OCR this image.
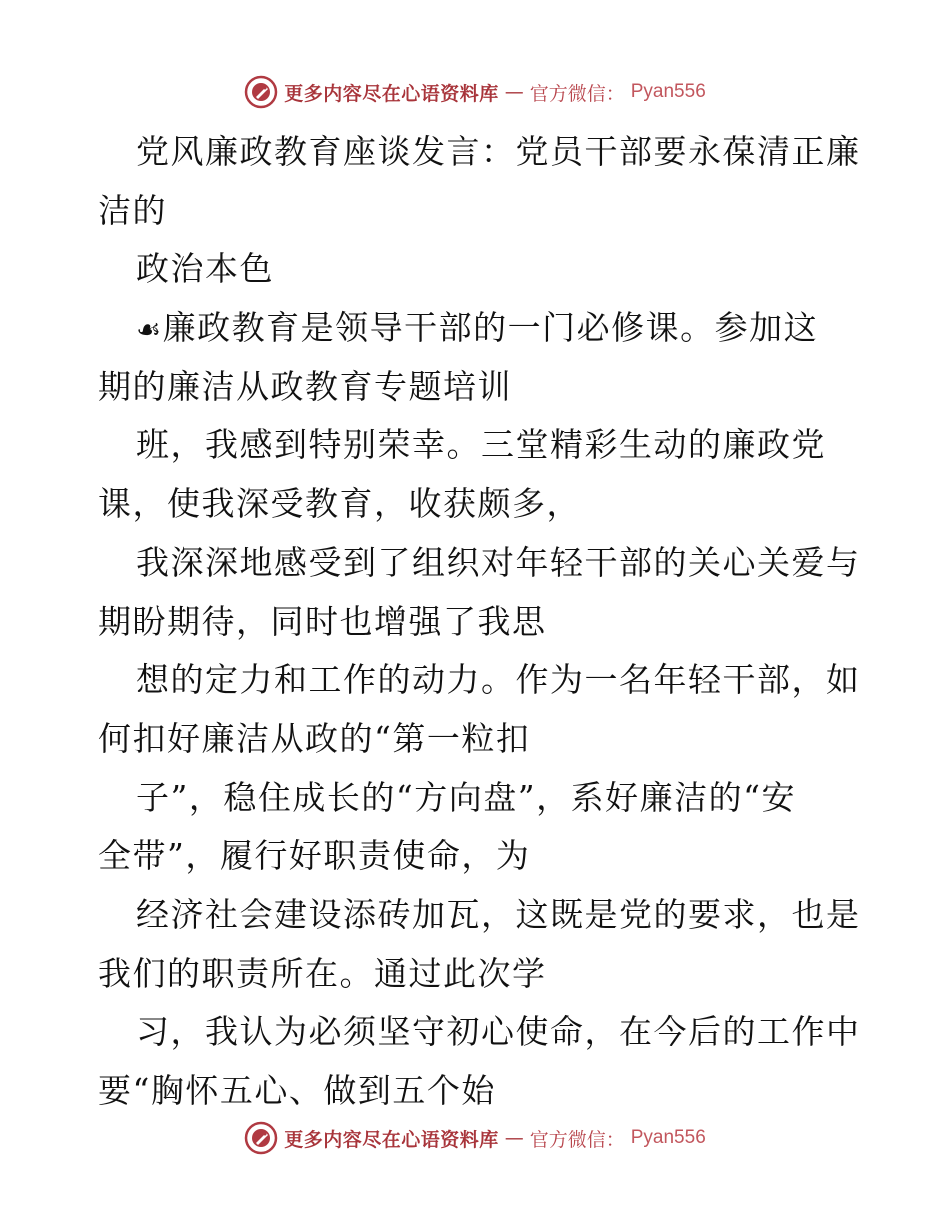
更多内容尽在心语资料库 — 官方微信： Pyan556
党风廉政教育座谈发言：党员干部要永葆清正廉
洁的
政治本色
☙廉政教育是领导干部的一门必修课。参加这
期的廉洁从政教育专题培训
班，我感到特别荣幸。三堂精彩生动的廉政党
课，使我深受教育，收获颇多，
我深深地感受到了组织对年轻干部的关心关爱与
期盼期待，同时也增强了我思
想的定力和工作的动力。作为一名年轻干部，如
何扣好廉洁从政的“第一粒扣
子”，稳住成长的“方向盘”，系好廉洁的“安
全带”，履行好职责使命，为
经济社会建设添砖加瓦，这既是党的要求，也是
我们的职责所在。通过此次学
习，我认为必须坚守初心使命，在今后的工作中
要“胸怀五心、做到五个始
更多内容尽在心语资料库 — 官方微信： Pyan556
